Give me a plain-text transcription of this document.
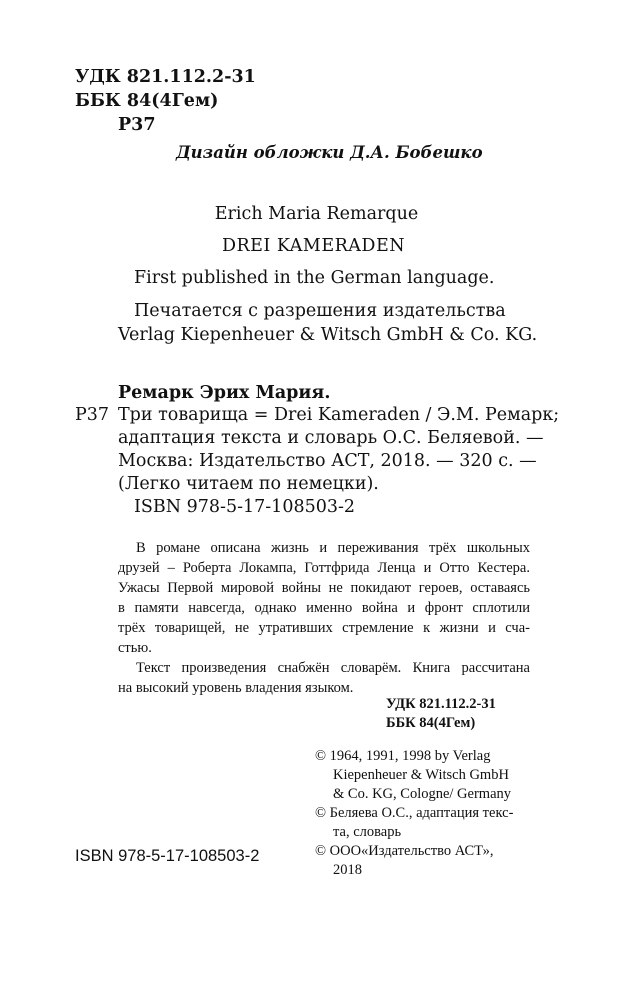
УДК 821.112.2-31
ББК 84(4Гем)
Р37
Дизайн обложки Д.А. Бобешко
Erich Maria Remarque
DREI KAMERADEN
First published in the German language.
Печатается с разрешения издательства
Verlag Kiepenheuer & Witsch GmbH & Co. KG.
Ремарк Эрих Мария.
Р37 Три товарища = Drei Kameraden / Э.М. Ремарк;
адаптация текста и словарь О.С. Беляевой. —
Москва: Издательство АСТ, 2018. — 320 с. —
(Легко читаем по немецки).
ISBN 978-5-17-108503-2

В романе описана жизнь и переживания трёх школьных

друзей – Роберта Локампа, Готтфрида Ленца и Отто Кестера.

Ужасы Первой мировой войны не покидают героев, оставаясь

в памяти навсегда, однако именно война и фронт сплотили

трёх товарищей, не утративших стремление к жизни и сча-

стью.

Текст произведения снабжён словарём. Книга рассчитана

на высокий уровень владения языком.

УДК 821.112.2-31
ББК 84(4Гем)
© 1964, 1991, 1998 by Verlag
Kiepenheuer & Witsch GmbH
& Co. KG, Cologne/ Germany
© Беляева О.С., адаптация текс-
та, словарь
© ООО«Издательство АСТ»,
2018
ISBN 978-5-17-108503-2
